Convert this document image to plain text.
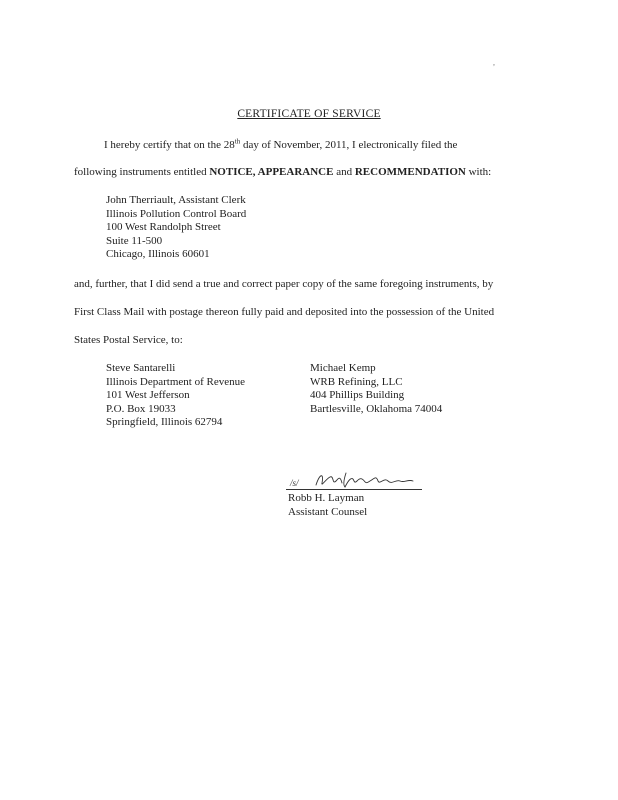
,
CERTIFICATE OF SERVICE
I hereby certify that on the 28th day of November, 2011, I electronically filed the
following instruments entitled NOTICE, APPEARANCE and RECOMMENDATION with:
John Therriault, Assistant Clerk
Illinois Pollution Control Board
100 West Randolph Street
Suite 11-500
Chicago, Illinois 60601
and, further, that I did send a true and correct paper copy of the same foregoing instruments, by
First Class Mail with postage thereon fully paid and deposited into the possession of the United
States Postal Service, to:
Steve Santarelli
Illinois Department of Revenue
101 West Jefferson
P.O. Box 19033
Springfield, Illinois 62794
Michael Kemp
WRB Refining, LLC
404 Phillips Building
Bartlesville, Oklahoma 74004
/s/
Robb H. Layman
Assistant Counsel
